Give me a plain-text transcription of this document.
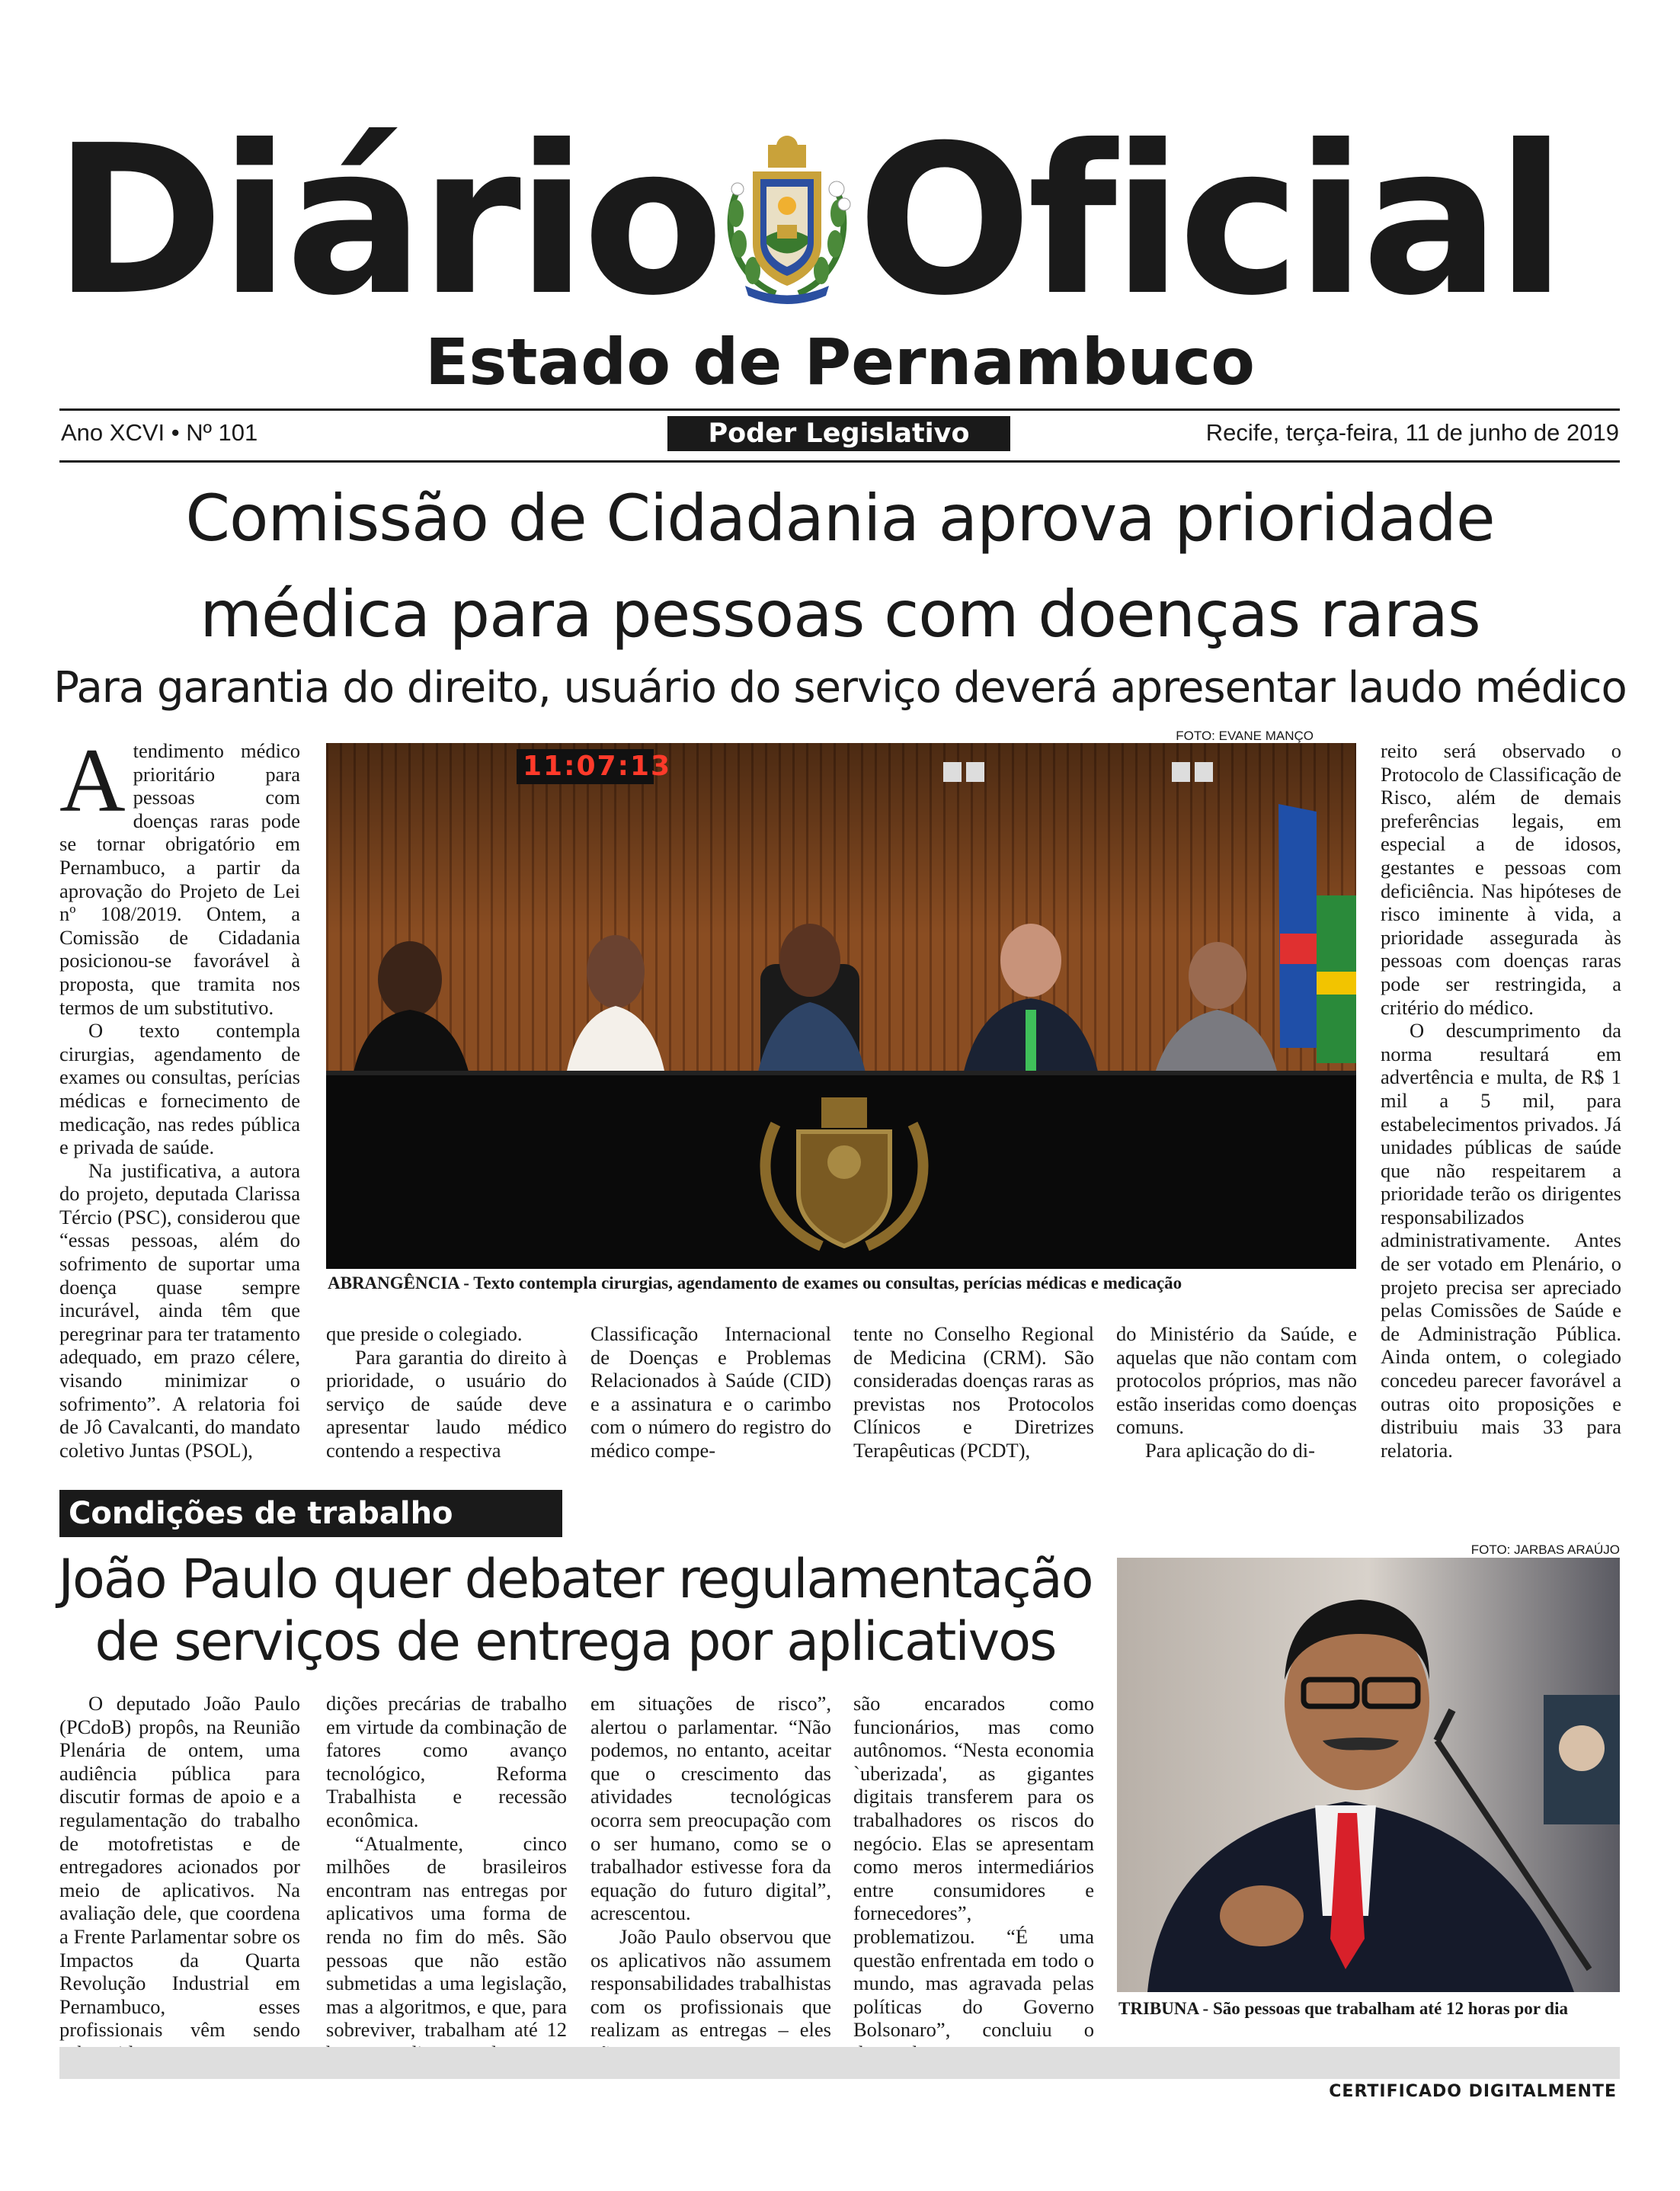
Diário Oficial
Estado de Pernambuco
Ano XCVI • Nº 101	Poder Legislativo	Recife, terça-feira, 11 de junho de 2019
Comissão de Cidadania aprova prioridade
médica para pessoas com doenças raras
Para garantia do direito, usuário do serviço deverá apresentar laudo médico
FOTO: EVANE MANÇO
11:07:13
ABRANGÊNCIA - Texto contempla cirurgias, agendamento de exames ou consultas, perícias médicas e medicação

Atendimento médico prioritário para pessoas com doenças raras pode se tornar obrigatório em Pernambuco, a partir da aprovação do Projeto de Lei nº 108/2019. Ontem, a Comissão de Cidadania posicionou-se favorável à proposta, que tramita nos termos de um substitutivo.

O texto contempla cirurgias, agendamento de exames ou consultas, perícias médicas e fornecimento de medicação, nas redes pública e privada de saúde.

Na justificativa, a autora do projeto, deputada Clarissa Tércio (PSC), considerou que “essas pessoas, além do sofrimento de suportar uma doença quase sempre incurável, ainda têm que peregrinar para ter tratamento adequado, em prazo célere, visando minimizar o sofrimento”. A relatoria foi de Jô Cavalcanti, do mandato coletivo Juntas (PSOL),

que preside o colegiado.

Para garantia do direito à prioridade, o usuário do serviço de saúde deve apresentar laudo médico contendo a respectiva

Classificação Internacional de Doenças e Problemas Relacionados à Saúde (CID) e a assinatura e o carimbo com o número do registro do médico compe-

tente no Conselho Regional de Medicina (CRM). São consideradas doenças raras as previstas nos Protocolos Clínicos e Diretrizes Terapêuticas (PCDT),

do Ministério da Saúde, e aquelas que não contam com protocolos próprios, mas não estão inseridas como doenças comuns.

Para aplicação do di-

reito será observado o Protocolo de Classificação de Risco, além de demais preferências legais, em especial a de idosos, gestantes e pessoas com deficiência. Nas hipóteses de risco iminente à vida, a prioridade assegurada às pessoas com doenças raras pode ser restringida, a critério do médico.

O descumprimento da norma resultará em advertência e multa, de R$ 1 mil a 5 mil, para estabelecimentos privados. Já unidades públicas de saúde que não respeitarem a prioridade terão os dirigentes responsabilizados administrativamente. Antes de ser votado em Plenário, o projeto precisa ser apreciado pelas Comissões de Saúde e de Administração Pública. Ainda ontem, o colegiado concedeu parecer favorável a outras oito proposições e distribuiu mais 33 para relatoria.

Condições de trabalho
João Paulo quer debater regulamentação
de serviços de entrega por aplicativos

O deputado João Paulo (PCdoB) propôs, na Reunião Plenária de ontem, uma audiência pública para discutir formas de apoio e a regulamentação do trabalho de motofretistas e de entregadores acionados por meio de aplicativos. Na avaliação dele, que coordena a Frente Parlamentar sobre os Impactos da Quarta Revolução Industrial em Pernambuco, esses profissionais vêm sendo

dições precárias de trabalho em virtude da combinação de fatores como avanço tecnológico, Reforma Trabalhista e recessão econômica.

“Atualmente, cinco milhões de brasileiros encontram nas entregas por aplicativos uma forma de renda no fim do mês. São pessoas que não estão submetidas a uma legislação, mas a algoritmos, e que, para sobreviver, trabalham até 12

em situações de risco”, alertou o parlamentar. “Não podemos, no entanto, aceitar que o crescimento das atividades tecnológicas ocorra sem preocupação com o ser humano, como se o trabalhador estivesse fora da equação do futuro digital”, acrescentou.

João Paulo observou que os aplicativos não assumem responsabilidades trabalhistas com os profissionais que realizam as entregas – eles

são encarados como funcionários, mas como autônomos. “Nesta economia `uberizada', as gigantes digitais transferem para os trabalhadores os riscos do negócio. Elas se apresentam como meros intermediários entre consumidores e fornecedores”, problematizou. “É uma questão enfrentada em todo o mundo, mas agravada pelas políticas do Governo Bolsonaro”, concluiu o

FOTO: JARBAS ARAÚJO
TRIBUNA - São pessoas que trabalham até 12 horas por dia
CERTIFICADO DIGITALMENTE
